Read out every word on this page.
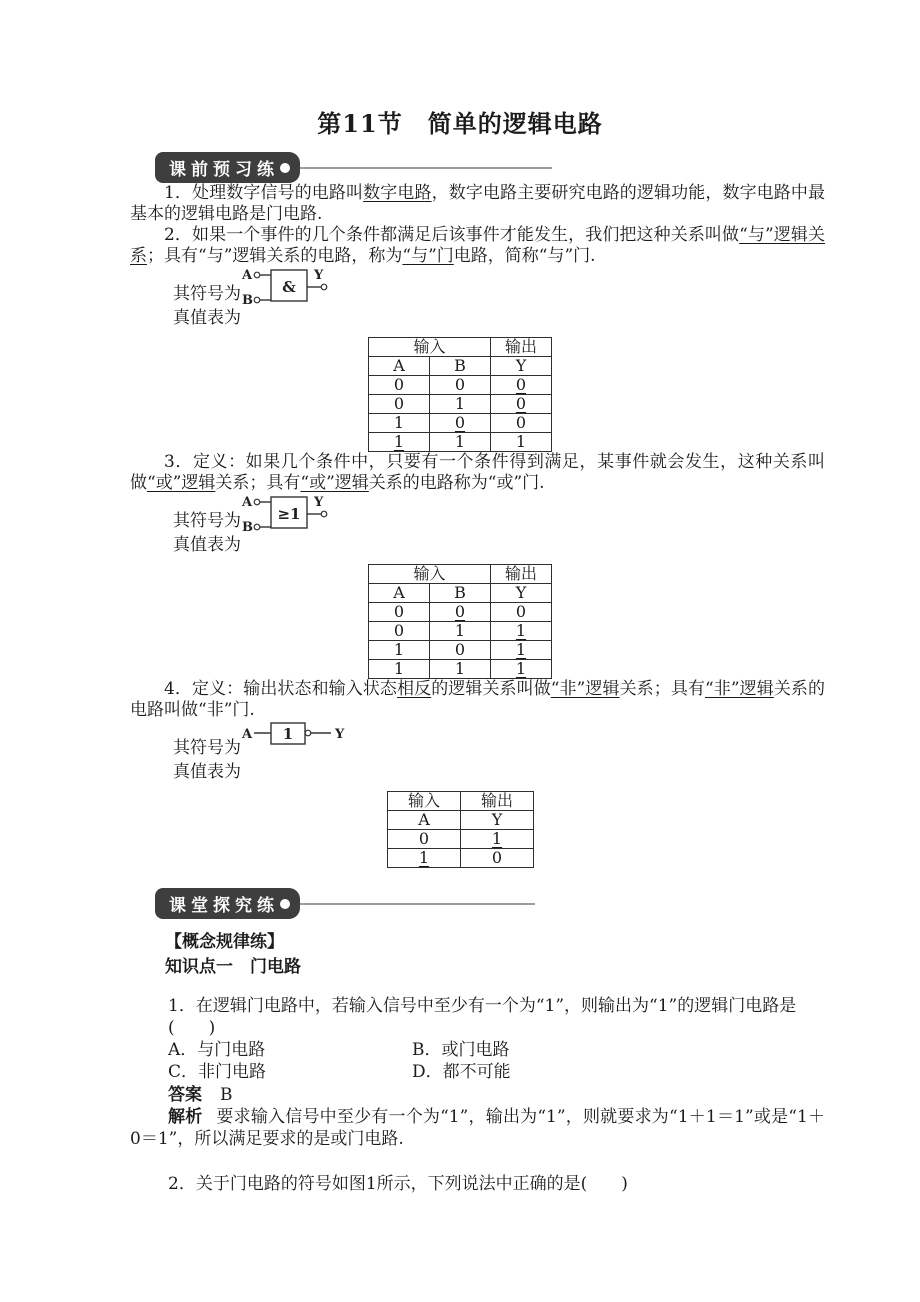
第11节　简单的逻辑电路
课前预习练

1．处理数字信号的电路叫数字电路，数字电路主要研究电路的逻辑功能，数字电路中最基本的逻辑电路是门电路.

2．如果一个事件的几个条件都满足后该事件才能发生，我们把这种关系叫做“与”逻辑关系；具有“与”逻辑关系的电路，称为“与”门电路，简称“与”门.

其符号为
A
B
&
Y
真值表为
输入		输出
A	B	Y
0	0	0
0	1	0
1	0	0
1	1	1

3．定义：如果几个条件中，只要有一个条件得到满足，某事件就会发生，这种关系叫做“或”逻辑关系；具有“或”逻辑关系的电路称为“或”门.

其符号为
A
B
≥1
Y
真值表为
输入		输出
A	B	Y
0	0	0
0	1	1
1	0	1
1	1	1

4．定义：输出状态和输入状态相反的逻辑关系叫做“非”逻辑关系；具有“非”逻辑关系的电路叫做“非”门.

其符号为
A 1	Y
真值表为
输入	输出
A	Y
0	1
1	0
课堂探究练
【概念规律练】
知识点一　门电路
1．在逻辑门电路中，若输入信号中至少有一个为“1”，则输出为“1”的逻辑门电路是(　　)
A．与门电路	B．或门电路
C．非门电路	D．都不可能
答案 B

解析 要求输入信号中至少有一个为“1”，输出为“1”，则就要求为“1＋1＝1”或是“1＋0＝1”，所以满足要求的是或门电路.

2．关于门电路的符号如图1所示，下列说法中正确的是(　　)
